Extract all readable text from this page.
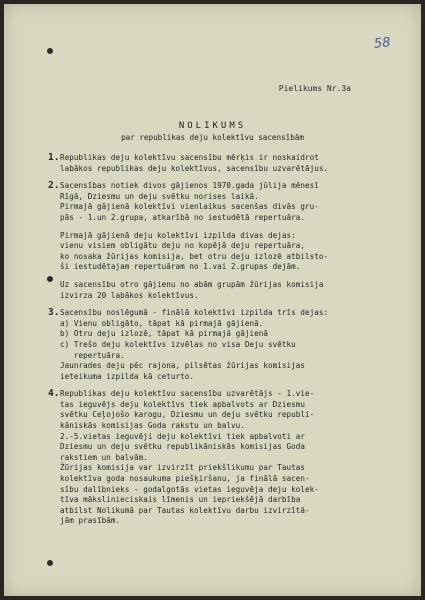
58
Pielikums Nr.3a
NOLIKUMS
par republikas deju kolektīvu sacensībām
1. Republikas deju kolektīvu sacensību mērķis ir noskaidrot
labākos republikas deju kolektīvus, sacensību uzvarētājus.
2. Sacensības notiek divos gājienos 1970.gada jūlija mēnesī
Rīgā, Dziesmu un deju svētku norises laikā.
Pirmajā gājienā kolektīvi vienlaikus sacenšas divās gru-
pās - 1.un 2.grupa, atkarībā no iestudētā repertuāra.
Pirmajā gājienā deju kolektīvi izpilda divas dejas:
vienu visiem obligātu deju no kopējā deju repertuāra,
ko nosaka žūrijas komisija, bet otru deju izlozē atbilsto-
ši iestudētajam repertuāram no 1.vai 2.grupas dejām.
Uz sacensību otro gājienu no abām grupām žūrijas komisija
izvirza 20 labākos kolektīvus.
3. Sacensību noslēgumā - finālā kolektīvi izpilda trīs dejas:
a) Vienu obligāto, tāpat kā pirmajā gājienā.
b) Otru deju izlozē, tāpat kā pirmajā gājienā
c) Trešo deju kolektīvs izvēlas no visa Deju svētku
repertuāra.
Jaunrades deju pēc rajona, pilsētas žūrijas komisijas
ieteikuma izpilda kā ceturto.
4. Republikas deju kolektīvu sacensību uzvarētājs - 1.vie-
tas ieguvējs deju kolektīvs tiek apbalvots ar Dziesmu
svētku Ceļojošo karogu, Dziesmu un deju svētku republi-
kāniskās komisijas Goda rakstu un balvu.
2.-5.vietas ieguvēji deju kolektīvi tiek apbalvoti ar
Dziesmu un deju svētku republikāniskās komisijas Goda
rakstiem un balvām.
Žūrijas komisija var izvirzīt priekšlikumu par Tautas
kolektīva goda nosaukuma piešķiršanu, ja finālā sacen-
sību dalībnieks - godalgotās vietas ieguvēja deju kolek-
tīva mākslinieciskais līmenis un iepriekšējā darbība
atbilst Nolikumā par Tautas kolektīvu darbu izvirzītā-
jām prasībām.
